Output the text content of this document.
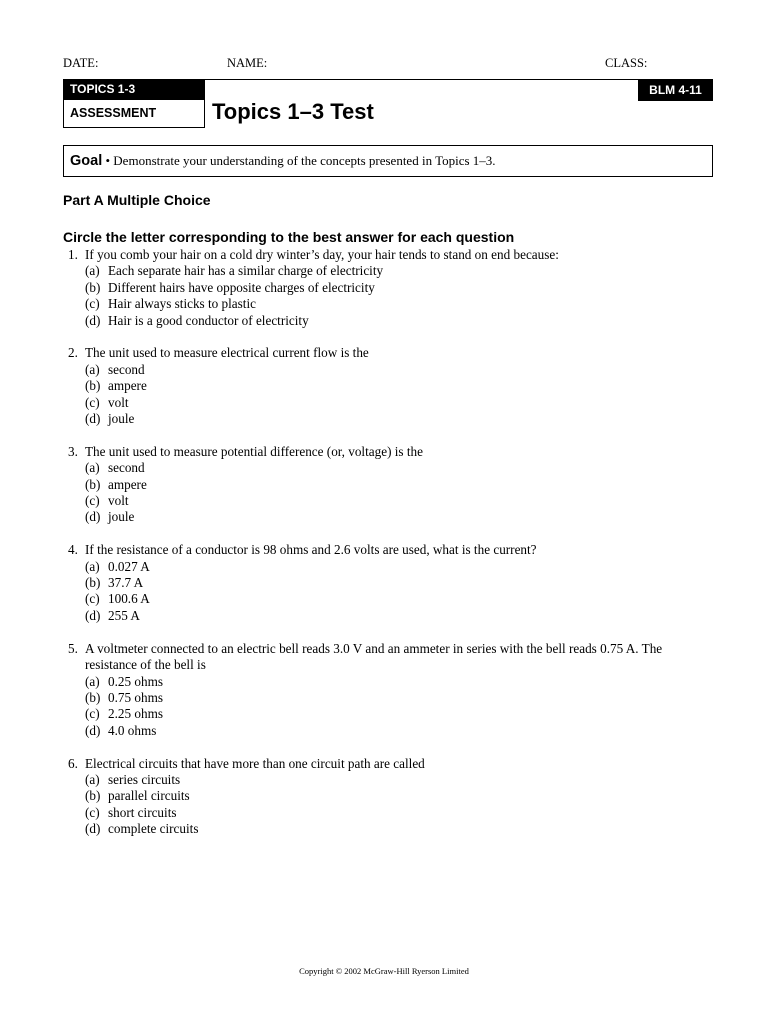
DATE:	NAME:	CLASS:
TOPICS 1-3
ASSESSMENT
BLM 4-11
Topics 1–3 Test
Goal • Demonstrate your understanding of the concepts presented in Topics 1–3.
Part A Multiple Choice
Circle the letter corresponding to the best answer for each question
1. If you comb your hair on a cold dry winter’s day, your hair tends to stand on end because:
(a) Each separate hair has a similar charge of electricity
(b) Different hairs have opposite charges of electricity
(c) Hair always sticks to plastic
(d) Hair is a good conductor of electricity
2. The unit used to measure electrical current flow is the
(a) second
(b) ampere
(c) volt
(d) joule
3. The unit used to measure potential difference (or, voltage) is the
(a) second
(b) ampere
(c) volt
(d) joule
4. If the resistance of a conductor is 98 ohms and 2.6 volts are used, what is the current?
(a) 0.027 A
(b) 37.7 A
(c) 100.6 A
(d) 255 A
5. A voltmeter connected to an electric bell reads 3.0 V and an ammeter in series with the bell reads 0.75 A. The
resistance of the bell is
(a) 0.25 ohms
(b) 0.75 ohms
(c) 2.25 ohms
(d) 4.0 ohms
6. Electrical circuits that have more than one circuit path are called
(a) series circuits
(b) parallel circuits
(c) short circuits
(d) complete circuits
Copyright © 2002 McGraw-Hill Ryerson Limited
